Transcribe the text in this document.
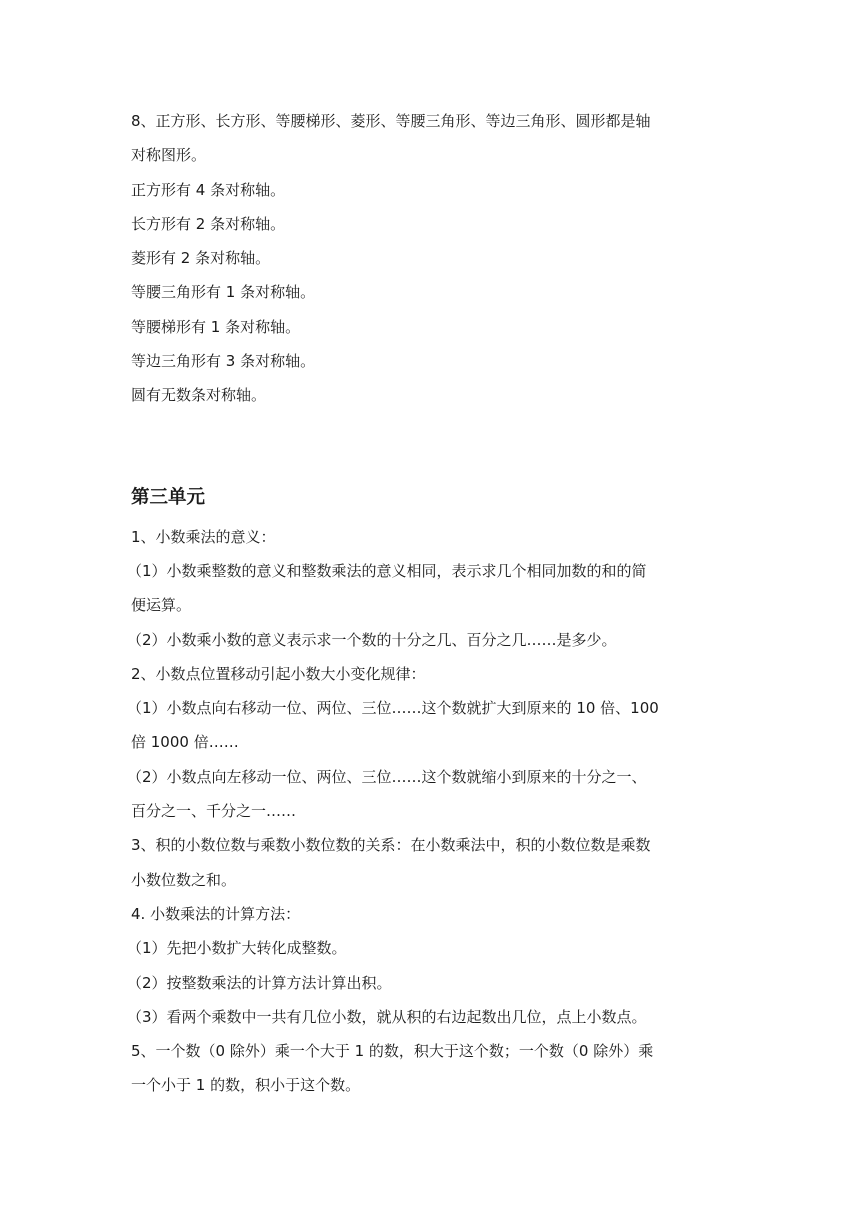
8、正方形、长方形、等腰梯形、菱形、等腰三角形、等边三角形、圆形都是轴

对称图形。

正方形有 4 条对称轴。

长方形有 2 条对称轴。

菱形有 2 条对称轴。

等腰三角形有 1 条对称轴。

等腰梯形有 1 条对称轴。

等边三角形有 3 条对称轴。

圆有无数条对称轴。

第三单元

1、小数乘法的意义：

（1）小数乘整数的意义和整数乘法的意义相同，表示求几个相同加数的和的简

便运算。

（2）小数乘小数的意义表示求一个数的十分之几、百分之几……是多少。

2、小数点位置移动引起小数大小变化规律：

（1）小数点向右移动一位、两位、三位……这个数就扩大到原来的 10 倍、100

倍 1000 倍……

（2）小数点向左移动一位、两位、三位……这个数就缩小到原来的十分之一、

百分之一、千分之一……

3、积的小数位数与乘数小数位数的关系：在小数乘法中，积的小数位数是乘数

小数位数之和。

4. 小数乘法的计算方法：

（1）先把小数扩大转化成整数。

（2）按整数乘法的计算方法计算出积。

（3）看两个乘数中一共有几位小数，就从积的右边起数出几位，点上小数点。

5、一个数（0 除外）乘一个大于 1 的数，积大于这个数；一个数（0 除外）乘

一个小于 1 的数，积小于这个数。
